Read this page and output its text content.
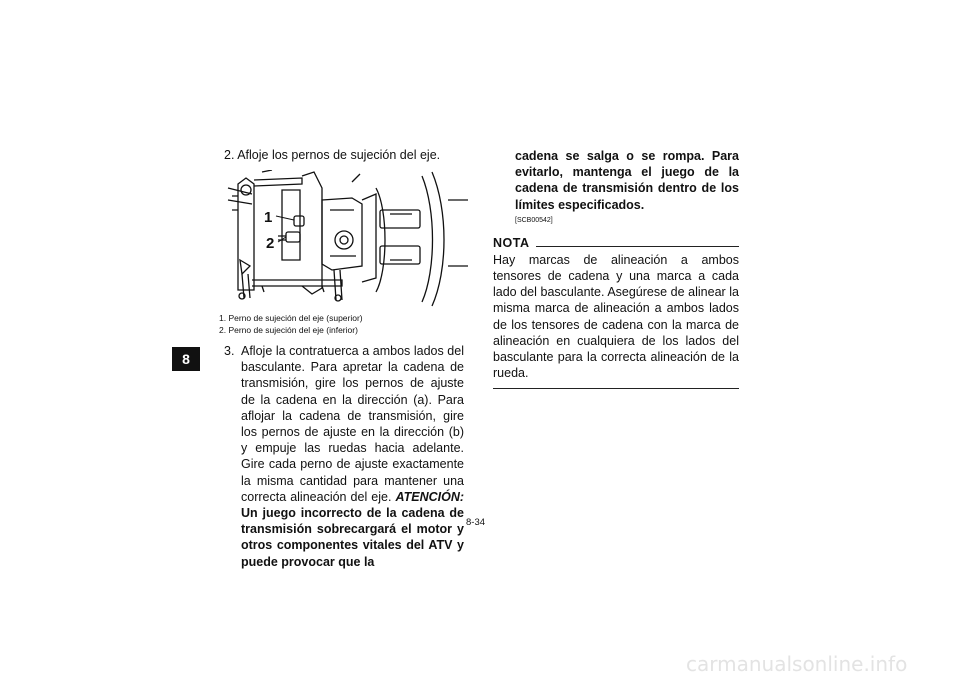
8
2. Afloje los pernos de sujeción del eje.
1
2
1. Perno de sujeción del eje (superior)
2. Perno de sujeción del eje (inferior)
3. Afloje la contratuerca a ambos lados del basculante. Para apretar la cadena de transmisión, gire los pernos de ajuste de la cadena en la dirección (a). Para aflojar la cadena de transmisión, gire los pernos de ajuste en la dirección (b) y empuje las ruedas hacia adelante. Gire cada perno de ajuste exactamente la misma cantidad para mantener una correcta alineación del eje. ATENCIÓN: Un juego incorrecto de la cadena de transmisión sobrecargará el motor y otros componentes vitales del ATV y puede provocar que la
cadena se salga o se rompa. Para evitarlo, mantenga el juego de la cadena de transmisión dentro de los límites especificados.
[SCB00542]
NOTA
Hay marcas de alineación a ambos tensores de cadena y una marca a cada lado del basculante. Asegúrese de alinear la misma marca de alineación a ambos lados de los tensores de cadena con la marca de alineación en cualquiera de los lados del basculante para la correcta alineación de la rueda.
8-34
carmanualsonline.info
